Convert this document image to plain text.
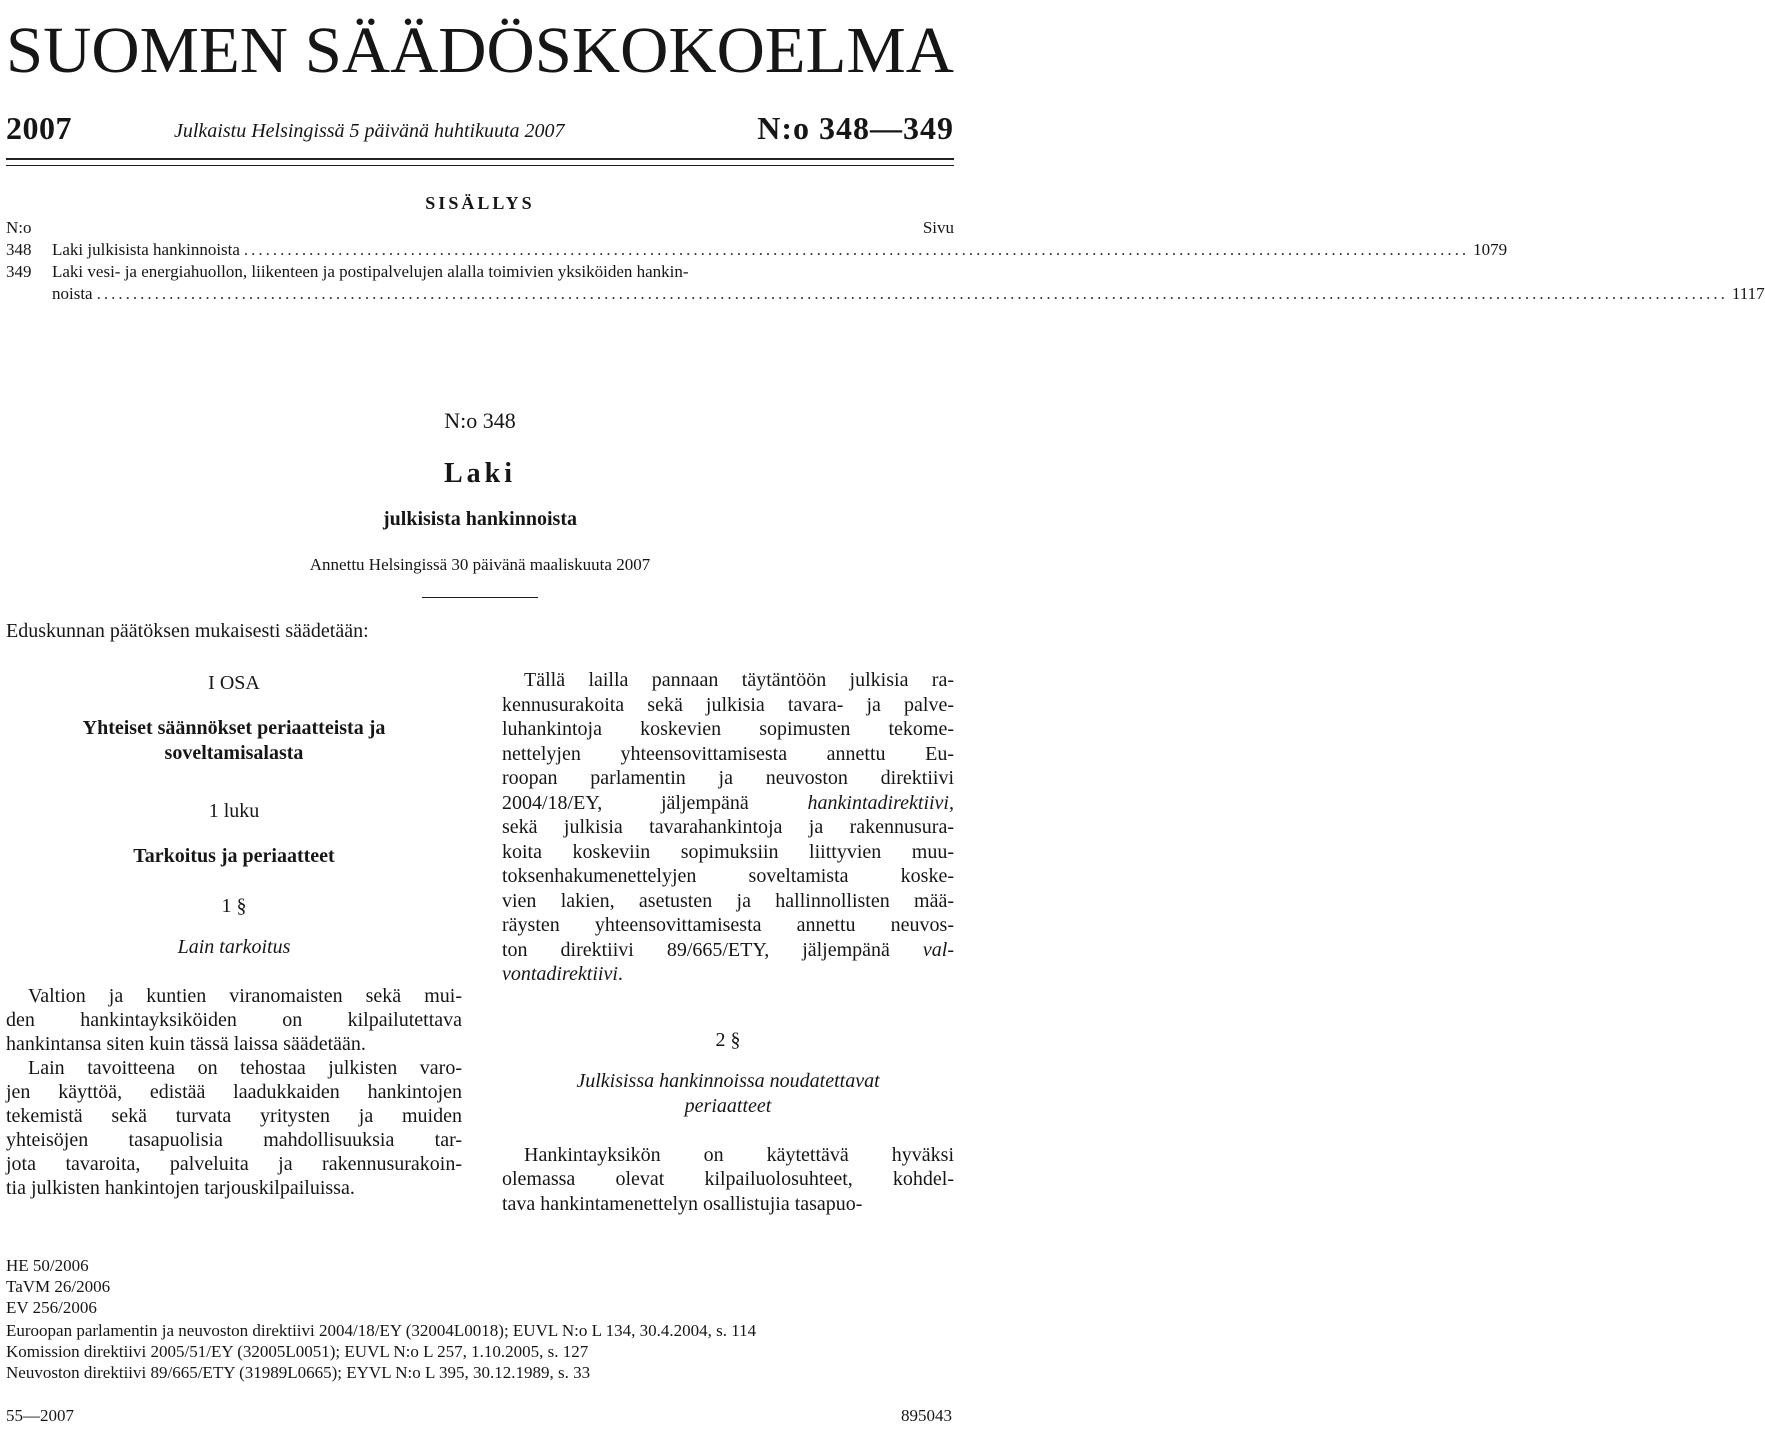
SUOMEN SÄÄDÖSKOKOELMA
2007	Julkaistu Helsingissä 5 päivänä huhtikuuta 2007	N:o 348—349
SISÄLLYS
N:o	Sivu
348	Laki julkisista hankinnoista ......................................................................................................................................................................... 1079
349	Laki vesi- ja energiahuollon, liikenteen ja postipalvelujen alalla toimivien yksiköiden hankin-
noista ................................................................................................................................................................................................................................. 1117
N:o 348
Laki
julkisista hankinnoista
Annettu Helsingissä 30 päivänä maaliskuuta 2007
Eduskunnan päätöksen mukaisesti säädetään:
I OSA
Yhteiset säännökset periaatteista ja
soveltamisalasta
1 luku
Tarkoitus ja periaatteet
1 §
Lain tarkoitus
Valtion ja kuntien viranomaisten sekä mui-
den hankintayksiköiden on kilpailutettava
hankintansa siten kuin tässä laissa säädetään.
Lain tavoitteena on tehostaa julkisten varo-
jen käyttöä, edistää laadukkaiden hankintojen
tekemistä sekä turvata yritysten ja muiden
yhteisöjen tasapuolisia mahdollisuuksia tar-
jota tavaroita, palveluita ja rakennusurakoin-
tia julkisten hankintojen tarjouskilpailuissa.
Tällä lailla pannaan täytäntöön julkisia ra-
kennusurakoita sekä julkisia tavara- ja palve-
luhankintoja koskevien sopimusten tekome-
nettelyjen yhteensovittamisesta annettu Eu-
roopan parlamentin ja neuvoston direktiivi
2004/18/EY, jäljempänä hankintadirektiivi,
sekä julkisia tavarahankintoja ja rakennusura-
koita koskeviin sopimuksiin liittyvien muu-
toksenhakumenettelyjen soveltamista koske-
vien lakien, asetusten ja hallinnollisten mää-
räysten yhteensovittamisesta annettu neuvos-
ton direktiivi 89/665/ETY, jäljempänä val-
vontadirektiivi.
2 §
Julkisissa hankinnoissa noudatettavat
periaatteet
Hankintayksikön on käytettävä hyväksi
olemassa olevat kilpailuolosuhteet, kohdel-
tava hankintamenettelyn osallistujia tasapuo-
HE 50/2006
TaVM 26/2006
EV 256/2006
Euroopan parlamentin ja neuvoston direktiivi 2004/18/EY (32004L0018); EUVL N:o L 134, 30.4.2004, s. 114
Komission direktiivi 2005/51/EY (32005L0051); EUVL N:o L 257, 1.10.2005, s. 127
Neuvoston direktiivi 89/665/ETY (31989L0665); EYVL N:o L 395, 30.12.1989, s. 33
55—2007	895043
